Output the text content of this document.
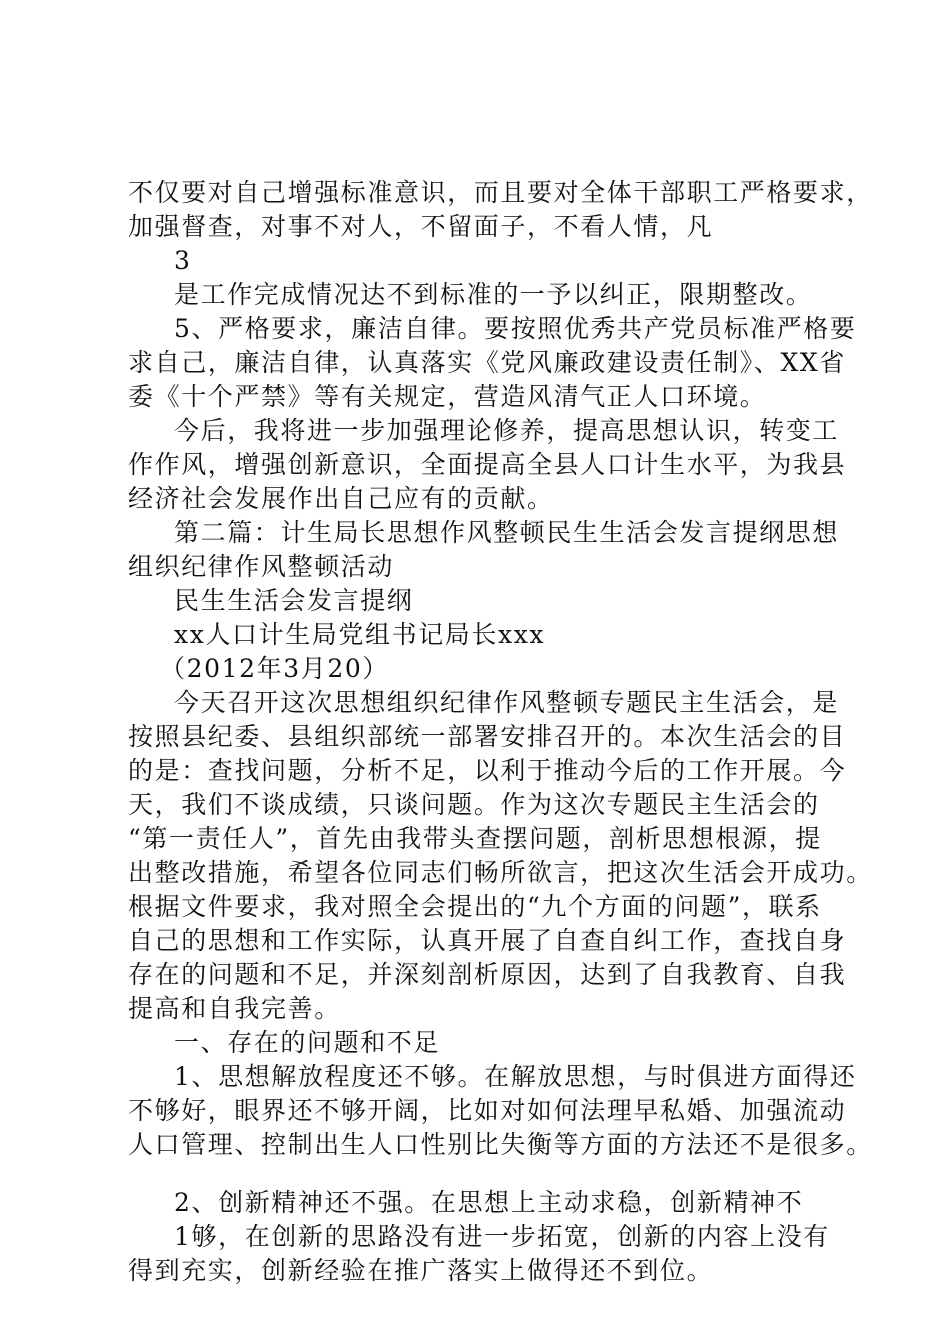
不仅要对自己增强标准意识，而且要对全体干部职工严格要求，
加强督查，对事不对人，不留面子，不看人情，凡
3
是工作完成情况达不到标准的一予以纠正，限期整改。
5、严格要求，廉洁自律。要按照优秀共产党员标准严格要
求自己，廉洁自律，认真落实《党风廉政建设责任制》、XX省
委《十个严禁》等有关规定，营造风清气正人口环境。
今后，我将进一步加强理论修养，提高思想认识，转变工
作作风，增强创新意识，全面提高全县人口计生水平，为我县
经济社会发展作出自己应有的贡献。
第二篇：计生局长思想作风整顿民生生活会发言提纲思想
组织纪律作风整顿活动
民生生活会发言提纲
xx人口计生局党组书记局长xxx
（2012年3月20）
今天召开这次思想组织纪律作风整顿专题民主生活会，是
按照县纪委、县组织部统一部署安排召开的。本次生活会的目
的是：查找问题，分析不足，以利于推动今后的工作开展。今
天，我们不谈成绩，只谈问题。作为这次专题民主生活会的
“第一责任人”，首先由我带头查摆问题，剖析思想根源，提
出整改措施，希望各位同志们畅所欲言，把这次生活会开成功。
根据文件要求，我对照全会提出的“九个方面的问题”，联系
自己的思想和工作实际，认真开展了自查自纠工作，查找自身
存在的问题和不足，并深刻剖析原因，达到了自我教育、自我
提高和自我完善。
一、存在的问题和不足
1、思想解放程度还不够。在解放思想，与时俱进方面得还
不够好，眼界还不够开阔，比如对如何法理早私婚、加强流动
人口管理、控制出生人口性别比失衡等方面的方法还不是很多。
2、创新精神还不强。在思想上主动求稳，创新精神不
1够，在创新的思路没有进一步拓宽，创新的内容上没有
得到充实，创新经验在推广落实上做得还不到位。
